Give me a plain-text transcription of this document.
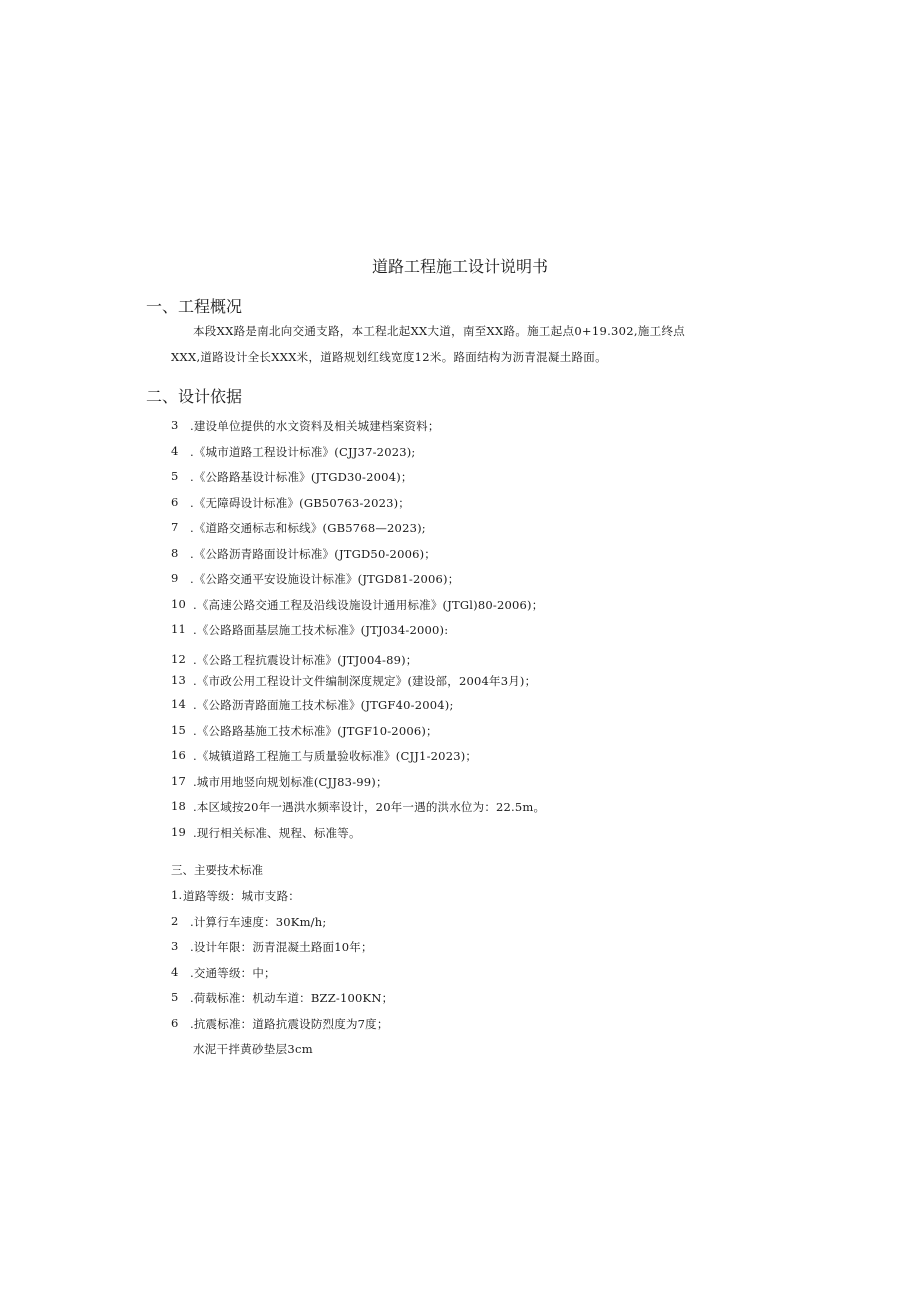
道路工程施工设计说明书
一、工程概况
本段XX路是南北向交通支路，本工程北起XX大道，南至XX路。施工起点0+19.302,施工终点
XXX,道路设计全长XXX米，道路规划红线宽度12米。路面结构为沥青混凝土路面。
二、设计依据
3 .建设单位提供的水文资料及相关城建档案资料；
4 .《城市道路工程设计标准》(CJJ37-2023);
5 .《公路路基设计标准》(JTGD30-2004)；
6 .《无障碍设计标准》(GB50763-2023)；
7 .《道路交通标志和标线》(GB5768—2023);
8 .《公路沥青路面设计标准》(JTGD50-2006)；
9 .《公路交通平安设施设计标准》(JTGD81-2006)；
10 .《高速公路交通工程及沿线设施设计通用标准》(JTGl)80-2006)；
11 .《公路路面基层施工技术标准》(JTJ034-2000):
12 .《公路工程抗震设计标准》(JTJ004-89)；
13 .《市政公用工程设计文件编制深度规定》(建设部，2004年3月)；
14 .《公路沥青路面施工技术标准》(JTGF40-2004);
15 .《公路路基施工技术标准》(JTGF10-2006)；
16 .《城镇道路工程施工与质量验收标准》(CJJ1-2023)；
17 .城市用地竖向规划标准(CJJ83-99)；
18 .本区域按20年一遇洪水频率设计，20年一遇的洪水位为：22.5m。
19 .现行相关标准、规程、标准等。
三、主要技术标准
1. 道路等级：城市支路：
2 .计算行车速度：30Km/h;
3 .设计年限：沥青混凝土路面10年；
4 .交通等级：中；
5 .荷载标准：机动车道：BZZ-100KN；
6 .抗震标准：道路抗震设防烈度为7度；
水泥干拌黄砂垫层3cm
